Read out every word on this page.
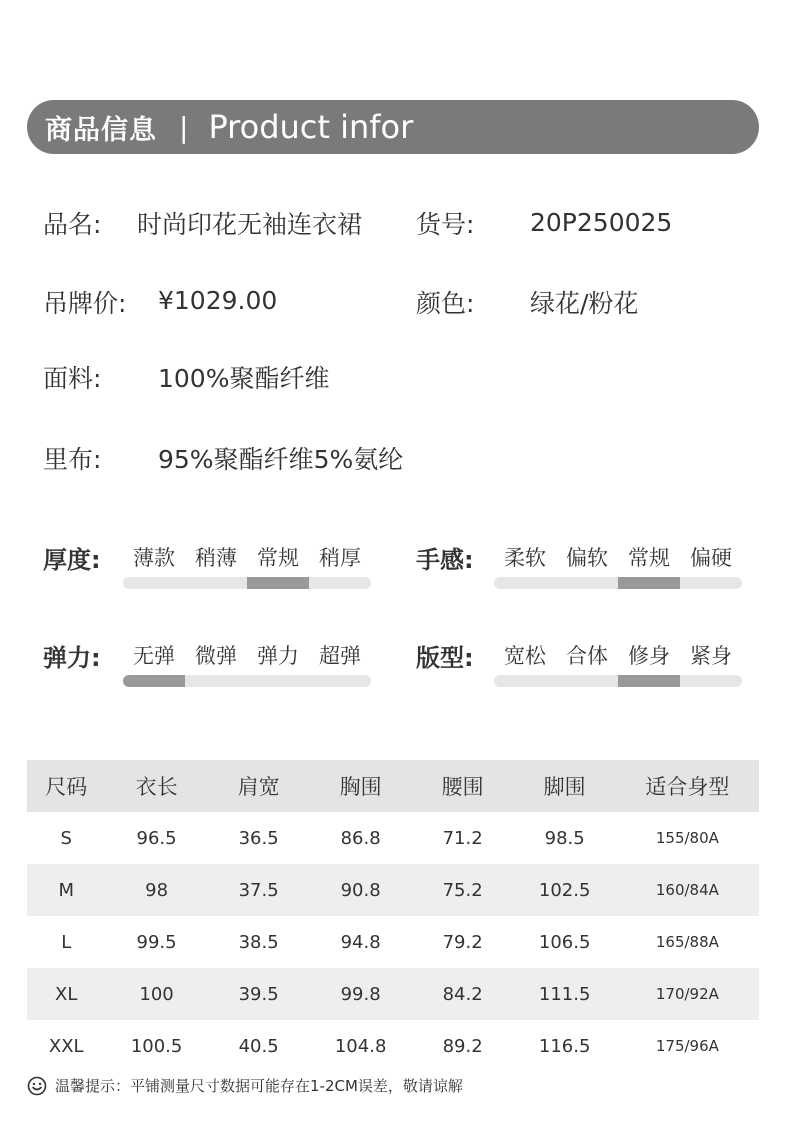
商品信息 | Product infor
品名: 时尚印花无袖连衣裙 货号: 20P250025
吊牌价: ¥1029.00	颜色: 绿花/粉花
面料: 100%聚酯纤维
里布: 95%聚酯纤维5%氨纶
厚度:	薄款 稍薄 常规 稍厚	手感:	柔软 偏软 常规 偏硬
弹力:	无弹 微弹 弹力 超弹	版型:	宽松 合体 修身 紧身
尺码	衣长	肩宽	胸围	腰围	脚围	适合身型
S	96.5	36.5	86.8	71.2	98.5	155/80A
M	98	37.5	90.8	75.2	102.5	160/84A
L	99.5	38.5	94.8	79.2	106.5	165/88A
XL	100	39.5	99.8	84.2	111.5	170/92A
XXL	100.5	40.5	104.8	89.2	116.5	175/96A
温馨提示：平铺测量尺寸数据可能存在1-2CM误差，敬请谅解
